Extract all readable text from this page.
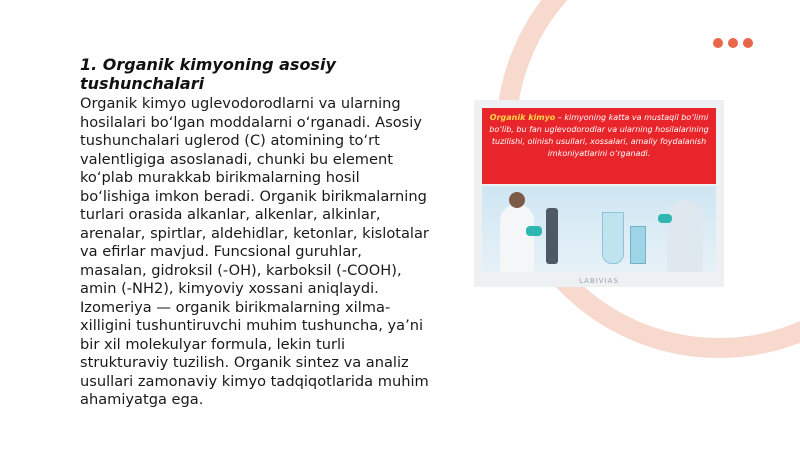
1. Organik kimyoning asosiy tushunchalari

Organik kimyo uglevodorodlarni va ularning hosilalari bo‘lgan moddalarni o‘rganadi. Asosiy tushunchalari uglerod (C) atomining to‘rt valentligiga asoslanadi, chunki bu element ko‘plab murakkab birikmalarning hosil bo‘lishiga imkon beradi. Organik birikmalarning turlari orasida alkanlar, alkenlar, alkinlar, arenalar, spirtlar, aldehidlar, ketonlar, kislotalar va efirlar mavjud. Funcsional guruhlar, masalan, gidroksil (-OH), karboksil (-COOH), amin (-NH2), kimyoviy xossani aniqlaydi. Izomeriya — organik birikmalarning xilma-xilligini tushuntiruvchi muhim tushuncha, ya’ni bir xil molekulyar formula, lekin turli strukturaviy tuzilish. Organik sintez va analiz usullari zamonaviy kimyo tadqiqotlarida muhim ahamiyatga ega.

Organik kimyo – kimyoning katta va mustaqil bo‘limi bo‘lib, bu fan uglevodorodlar va ularning hosilalarining tuzilishi, olinish usullari, xossalari, amaliy foydalanish imkoniyatlarini o‘rganadi.
LABIVIAS
